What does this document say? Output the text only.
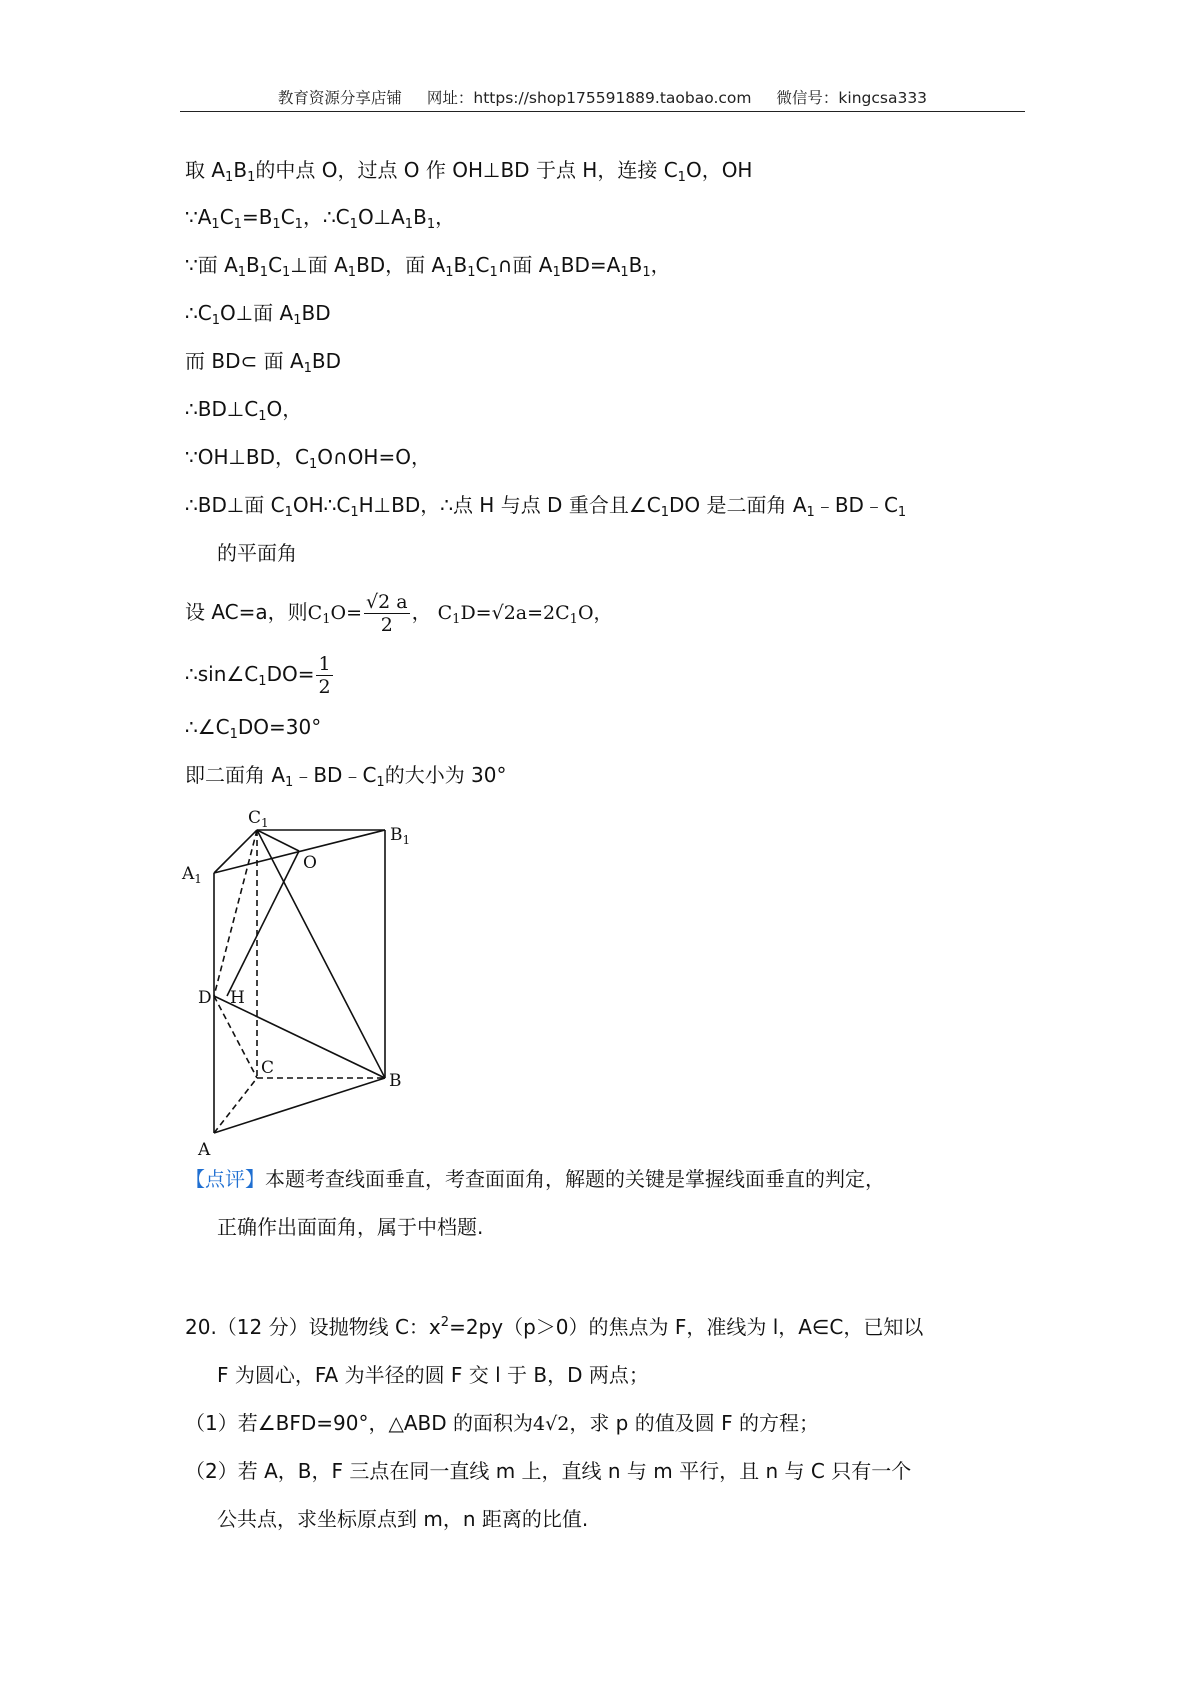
教育资源分享店铺 网址：https://shop175591889.taobao.com 微信号：kingcsa333
取 $A_1B_1$的中点 O，过点 O 作 OH⊥BD 于点 H，连接 $C_1O$，OH
$\because A_1C_1=B_1C_1$，$\therefore C_1O\perp A_1B_1$，
∵面 $A_1B_1C_1\perp$面 $A_1BD$，面 $A_1B_1C_1\cap$面 $A_1BD=A_1B_1$，
$\therefore C_1O\perp$面 $A_1BD$
而 BD⊂ 面 $A_1BD$
$\therefore BD\perp C_1O$，
∵OH⊥BD，$C_1O\cap OH=O$，
∴BD⊥面 $C_1OH\therefore C_1H\perp BD$，∴点 H 与点 D 重合且$\angle C_1DO$ 是二面角 $A_1﹣BD﹣C_1$
的平面角
设 AC=a，则$C_1O= \frac{√2 a}{2}$ ， $C_1D=√2a=2C_1O$，
$\therefore\sin\angle C_1DO= \frac{1}{2}$
$\therefore\angle C_1DO=30^\circ$
即二面角 $A_1﹣BD﹣C_1$的大小为 30°
$C_1$
$B_1$
$A_1$
O
D H
C
B
A
【点评】本题考查线面垂直，考查面面角，解题的关键是掌握线面垂直的判定，
正确作出面面角，属于中档题.
20.（12 分）设抛物线 C：$x^2=2py(p>0)$的焦点为 F，准线为 l，A∈C，已知以
F 为圆心，FA 为半径的圆 F 交 l 于 B，D 两点；
（1）若∠BFD=90°，△ABD 的面积为4√2，求 p 的值及圆 F 的方程；
（2）若 A，B，F 三点在同一直线 m 上，直线 n 与 m 平行，且 n 与 C 只有一个
公共点，求坐标原点到 m，n 距离的比值.
